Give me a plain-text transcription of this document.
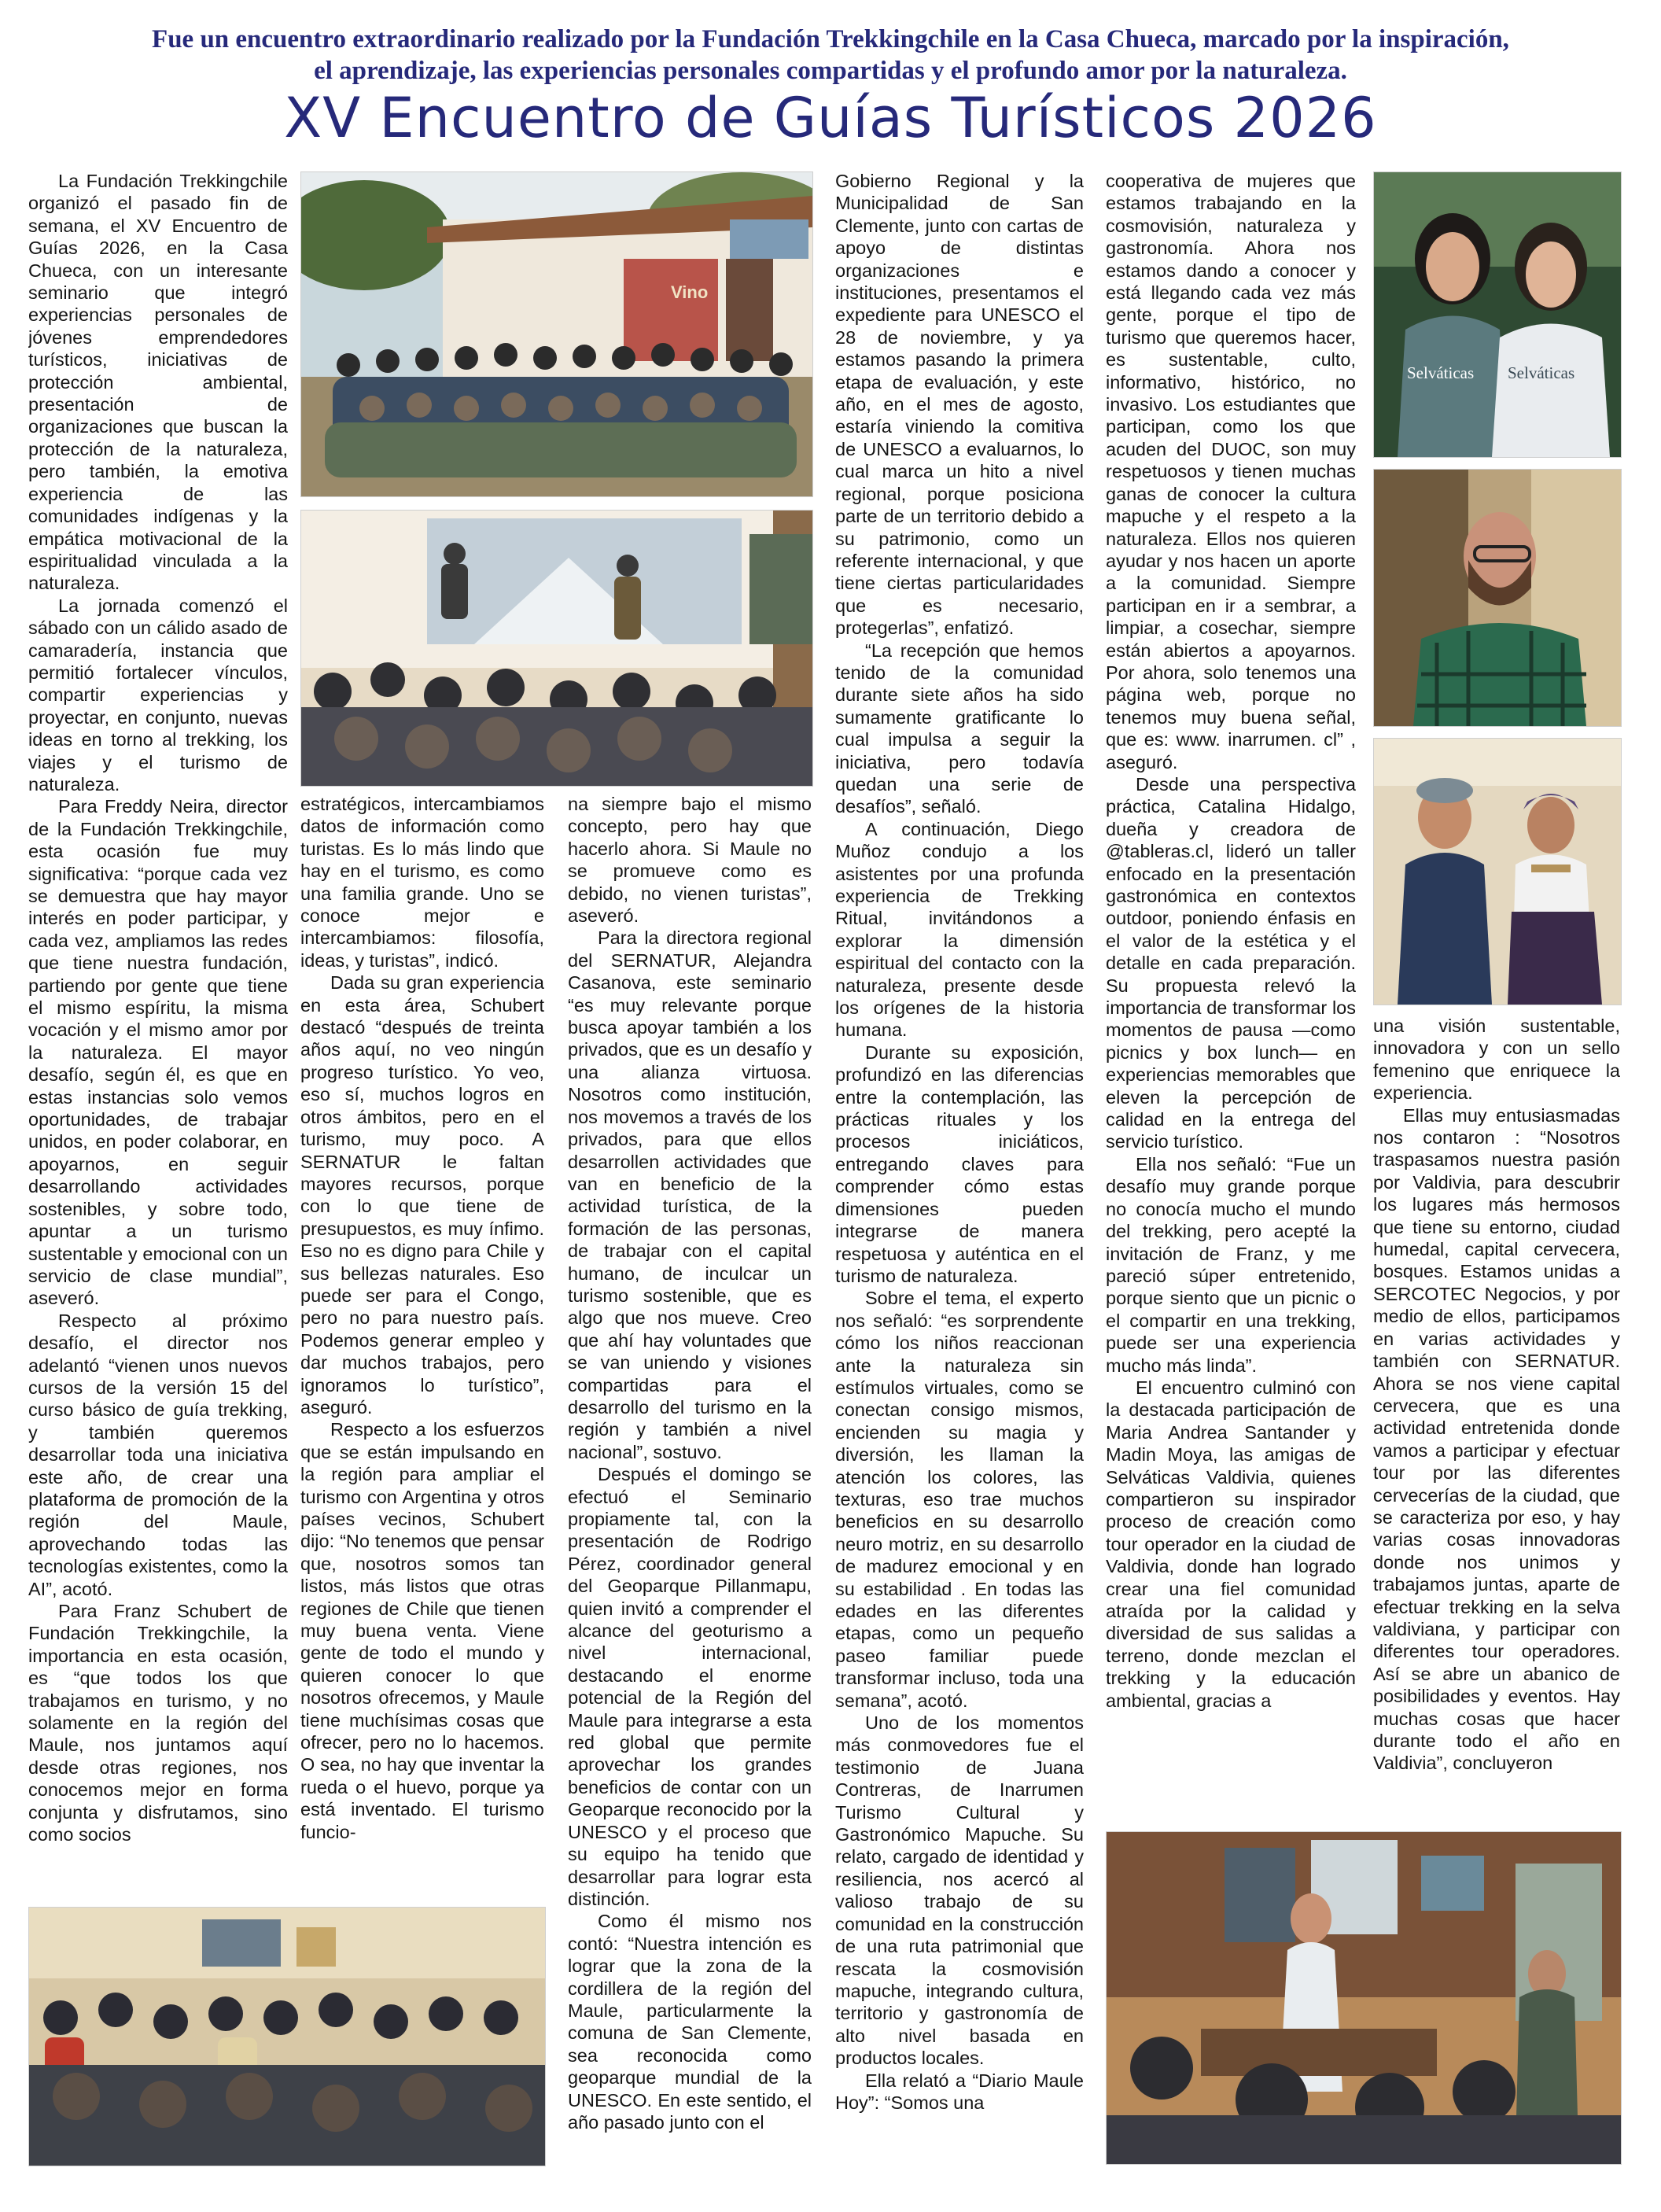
Fue un encuentro extraordinario realizado por la Fundación Trekkingchile en la Casa Chueca, marcado por la inspiración,
el aprendizaje, las experiencias personales compartidas y el profundo amor por la naturaleza.
XV Encuentro de Guías Turísticos 2026
Vino
Selváticas Selváticas

La Fundación Trekkingchile organizó el pasado fin de semana, el XV Encuentro de Guías 2026, en la Casa Chueca, con un interesante seminario que integró experiencias personales de jóvenes emprendedores turísticos, iniciativas de protección ambiental, presentación de organizaciones que buscan la protección de la naturaleza, pero también, la emotiva experiencia de las comunidades indígenas y la empática motivacional de la espiritualidad vinculada a la naturaleza.

La jornada comenzó el sábado con un cálido asado de camaradería, instancia que permitió fortalecer vínculos, compartir experiencias y proyectar, en conjunto, nuevas ideas en torno al trekking, los viajes y el turismo de naturaleza.

Para Freddy Neira, director de la Fundación Trekkingchile, esta ocasión fue muy significativa: “porque cada vez se demuestra que hay mayor interés en poder participar, y cada vez, ampliamos las redes que tiene nuestra fundación, partiendo por gente que tiene el mismo espíritu, la misma vocación y el mismo amor por la naturaleza. El mayor desafío, según él, es que en estas instancias solo vemos oportunidades, de trabajar unidos, en poder colaborar, en apoyarnos, en seguir desarrollando actividades sostenibles, y sobre todo, apuntar a un turismo sustentable y emocional con un servicio de clase mundial”, aseveró.

Respecto al próximo desafío, el director nos adelantó “vienen unos nuevos cursos de la versión 15 del curso básico de guía trekking, y también queremos desarrollar toda una iniciativa este año, de crear una plataforma de promoción de la región del Maule, aprovechando todas las tecnologías existentes, como la AI”, acotó.

Para Franz Schubert de Fundación Trekkingchile, la importancia en esta ocasión, es “que todos los que trabajamos en turismo, y no solamente en la región del Maule, nos juntamos aquí desde otras regiones, nos conocemos mejor en forma conjunta y disfrutamos, sino como socios

estratégicos, intercambiamos datos de información como turistas. Es lo más lindo que hay en el turismo, es como una familia grande. Uno se conoce mejor e intercambiamos: filosofía, ideas, y turistas”, indicó.

Dada su gran experiencia en esta área, Schubert destacó “después de treinta años aquí, no veo ningún progreso turístico. Yo veo, eso sí, muchos logros en otros ámbitos, pero en el turismo, muy poco. A SERNATUR le faltan mayores recursos, porque con lo que tiene de presupuestos, es muy ínfimo. Eso no es digno para Chile y sus bellezas naturales. Eso puede ser para el Congo, pero no para nuestro país. Podemos generar empleo y dar muchos trabajos, pero ignoramos lo turístico”, aseguró.

Respecto a los esfuerzos que se están impulsando en la región para ampliar el turismo con Argentina y otros países vecinos, Schubert dijo: “No tenemos que pensar que, nosotros somos tan listos, más listos que otras regiones de Chile que tienen muy buena venta. Viene gente de todo el mundo y quieren conocer lo que nosotros ofrecemos, y Maule tiene muchísimas cosas que ofrecer, pero no lo hacemos. O sea, no hay que inventar la rueda o el huevo, porque ya está inventado. El turismo funcio-

na siempre bajo el mismo concepto, pero hay que hacerlo ahora. Si Maule no se promueve como es debido, no vienen turistas”, aseveró.

Para la directora regional del SERNATUR, Alejandra Casanova, este seminario “es muy relevante porque busca apoyar también a los privados, que es un desafío y una alianza virtuosa. Nosotros como institución, nos movemos a través de los privados, para que ellos desarrollen actividades que van en beneficio de la actividad turística, de la formación de las personas, de trabajar con el capital humano, de inculcar un turismo sostenible, que es algo que nos mueve. Creo que ahí hay voluntades que se van uniendo y visiones compartidas para el desarrollo del turismo en la región y también a nivel nacional”, sostuvo.

Después el domingo se efectuó el Seminario propiamente tal, con la presentación de Rodrigo Pérez, coordinador general del Geoparque Pillanmapu, quien invitó a comprender el alcance del geoturismo a nivel internacional, destacando el enorme potencial de la Región del Maule para integrarse a esta red global que permite aprovechar los grandes beneficios de contar con un Geoparque reconocido por la UNESCO y el proceso que su equipo ha tenido que desarrollar para lograr esta distinción.

Como él mismo nos contó: “Nuestra intención es lograr que la zona de la cordillera de la región del Maule, particularmente la comuna de San Clemente, sea reconocida como geoparque mundial de la UNESCO. En este sentido, el año pasado junto con el

Gobierno Regional y la Municipalidad de San Clemente, junto con cartas de apoyo de distintas organizaciones e instituciones, presentamos el expediente para UNESCO el 28 de noviembre, y ya estamos pasando la primera etapa de evaluación, y este año, en el mes de agosto, estaría viniendo la comitiva de UNESCO a evaluarnos, lo cual marca un hito a nivel regional, porque posiciona parte de un territorio debido a su patrimonio, como un referente internacional, y que tiene ciertas particularidades que es necesario, protegerlas”, enfatizó.

“La recepción que hemos tenido de la comunidad durante siete años ha sido sumamente gratificante lo cual impulsa a seguir la iniciativa, pero todavía quedan una serie de desafíos”, señaló.

A continuación, Diego Muñoz condujo a los asistentes por una profunda experiencia de Trekking Ritual, invitándonos a explorar la dimensión espiritual del contacto con la naturaleza, presente desde los orígenes de la historia humana.

Durante su exposición, profundizó en las diferencias entre la contemplación, las prácticas rituales y los procesos iniciáticos, entregando claves para comprender cómo estas dimensiones pueden integrarse de manera respetuosa y auténtica en el turismo de naturaleza.

Sobre el tema, el experto nos señaló: “es sorprendente cómo los niños reaccionan ante la naturaleza sin estímulos virtuales, como se conectan consigo mismos, encienden su magia y diversión, les llaman la atención los colores, las texturas, eso trae muchos beneficios en su desarrollo neuro motriz, en su desarrollo de madurez emocional y en su estabilidad . En todas las edades en las diferentes etapas, como un pequeño paseo familiar puede transformar incluso, toda una semana”, acotó.

Uno de los momentos más conmovedores fue el testimonio de Juana Contreras, de Inarrumen Turismo Cultural y Gastronómico Mapuche. Su relato, cargado de identidad y resiliencia, nos acercó al valioso trabajo de su comunidad en la construcción de una ruta patrimonial que rescata la cosmovisión mapuche, integrando cultura, territorio y gastronomía de alto nivel basada en productos locales.

Ella relató a “Diario Maule Hoy”: “Somos una

cooperativa de mujeres que estamos trabajando en la cosmovisión, naturaleza y gastronomía. Ahora nos estamos dando a conocer y está llegando cada vez más gente, porque el tipo de turismo que queremos hacer, es sustentable, culto, informativo, histórico, no invasivo. Los estudiantes que participan, como los que acuden del DUOC, son muy respetuosos y tienen muchas ganas de conocer la cultura mapuche y el respeto a la naturaleza. Ellos nos quieren ayudar y nos hacen un aporte a la comunidad. Siempre participan en ir a sembrar, a limpiar, a cosechar, siempre están abiertos a apoyarnos. Por ahora, solo tenemos una página web, porque no tenemos muy buena señal, que es: www. inarrumen. cl” , aseguró.

Desde una perspectiva práctica, Catalina Hidalgo, dueña y creadora de @tableras.cl, lideró un taller enfocado en la presentación gastronómica en contextos outdoor, poniendo énfasis en el valor de la estética y el detalle en cada preparación. Su propuesta relevó la importancia de transformar los momentos de pausa —como picnics y box lunch— en experiencias memorables que eleven la percepción de calidad en la entrega del servicio turístico.

Ella nos señaló: “Fue un desafío muy grande porque no conocía mucho el mundo del trekking, pero acepté la invitación de Franz, y me pareció súper entretenido, porque siento que un picnic o el compartir en una trekking, puede ser una experiencia mucho más linda”.

El encuentro culminó con la destacada participación de Maria Andrea Santander y Madin Moya, las amigas de Selváticas Valdivia, quienes compartieron su inspirador proceso de creación como tour operador en la ciudad de Valdivia, donde han logrado crear una fiel comunidad atraída por la calidad y diversidad de sus salidas a terreno, donde mezclan el trekking y la educación ambiental, gracias a

una visión sustentable, innovadora y con un sello femenino que enriquece la experiencia.

Ellas muy entusiasmadas nos contaron : “Nosotros traspasamos nuestra pasión por Valdivia, para descubrir los lugares más hermosos que tiene su entorno, ciudad humedal, capital cervecera, bosques. Estamos unidas a SERCOTEC Negocios, y por medio de ellos, participamos en varias actividades y también con SERNATUR. Ahora se nos viene capital cervecera, que es una actividad entretenida donde vamos a participar y efectuar tour por las diferentes cervecerías de la ciudad, que se caracteriza por eso, y hay varias cosas innovadoras donde nos unimos y trabajamos juntas, aparte de efectuar trekking en la selva valdiviana, y participar con diferentes tour operadores. Así se abre un abanico de posibilidades y eventos. Hay muchas cosas que hacer durante todo el año en Valdivia”, concluyeron
